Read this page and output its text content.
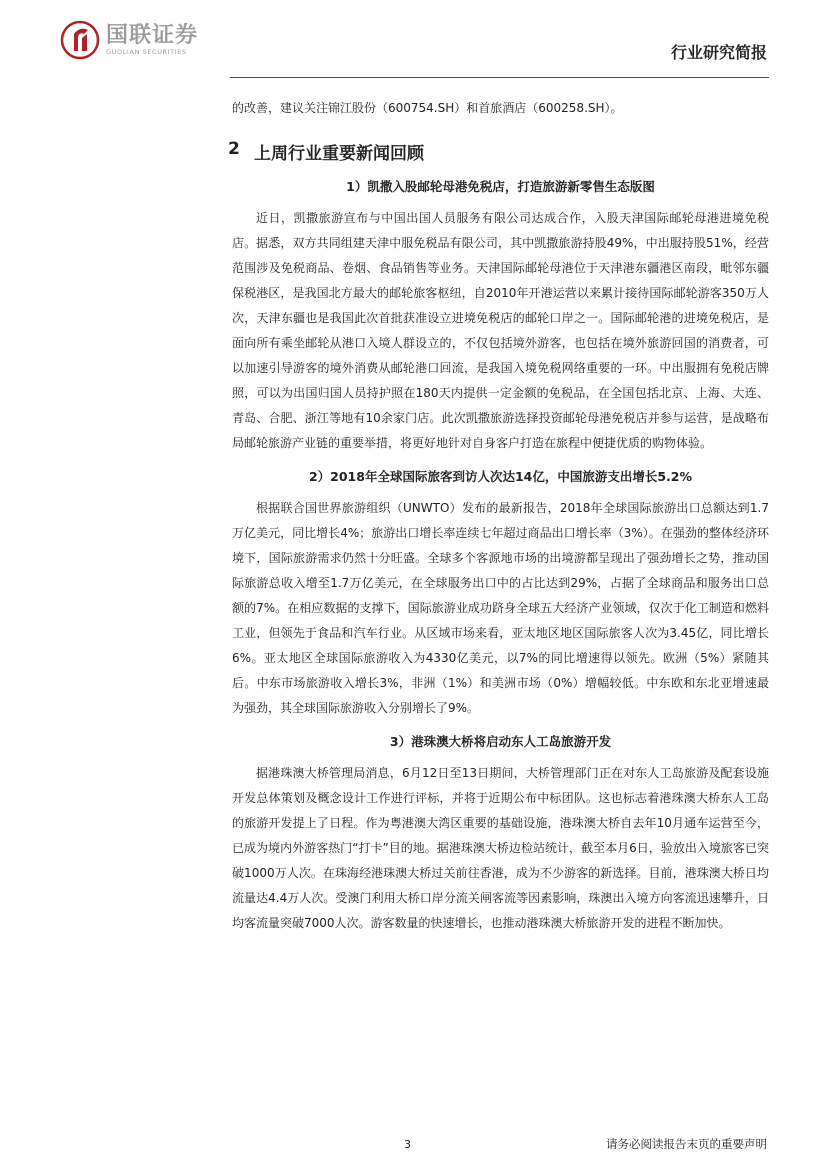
国联证券
GUOLIAN SECURITIES	行业研究简报

的改善，建议关注锦江股份（600754.SH）和首旅酒店（600258.SH）。

2 上周行业重要新闻回顾
1）凯撒入股邮轮母港免税店，打造旅游新零售生态版图

近日，凯撒旅游宣布与中国出国人员服务有限公司达成合作，入股天津国际邮轮母港进境免税店。据悉，双方共同组建天津中服免税品有限公司，其中凯撒旅游持股49%，中出服持股51%，经营范围涉及免税商品、卷烟、食品销售等业务。天津国际邮轮母港位于天津港东疆港区南段，毗邻东疆保税港区，是我国北方最大的邮轮旅客枢纽，自2010年开港运营以来累计接待国际邮轮游客350万人次，天津东疆也是我国此次首批获准设立进境免税店的邮轮口岸之一。国际邮轮港的进境免税店，是面向所有乘坐邮轮从港口入境人群设立的，不仅包括境外游客，也包括在境外旅游回国的消费者，可以加速引导游客的境外消费从邮轮港口回流，是我国入境免税网络重要的一环。中出服拥有免税店牌照，可以为出国归国人员持护照在180天内提供一定金额的免税品，在全国包括北京、上海、大连、青岛、合肥、浙江等地有10余家门店。此次凯撒旅游选择投资邮轮母港免税店并参与运营，是战略布局邮轮旅游产业链的重要举措，将更好地针对自身客户打造在旅程中便捷优质的购物体验。

2）2018年全球国际旅客到访人次达14亿，中国旅游支出增长5.2%

根据联合国世界旅游组织（UNWTO）发布的最新报告，2018年全球国际旅游出口总额达到1.7万亿美元，同比增长4%；旅游出口增长率连续七年超过商品出口增长率（3%）。在强劲的整体经济环境下，国际旅游需求仍然十分旺盛。全球多个客源地市场的出境游都呈现出了强劲增长之势，推动国际旅游总收入增至1.7万亿美元，在全球服务出口中的占比达到29%，占据了全球商品和服务出口总额的7%。在相应数据的支撑下，国际旅游业成功跻身全球五大经济产业领域，仅次于化工制造和燃料工业，但领先于食品和汽车行业。从区域市场来看，亚太地区地区国际旅客人次为3.45亿，同比增长6%。亚太地区全球国际旅游收入为4330亿美元，以7%的同比增速得以领先。欧洲（5%）紧随其后。中东市场旅游收入增长3%，非洲（1%）和美洲市场（0%）增幅较低。中东欧和东北亚增速最为强劲，其全球国际旅游收入分别增长了9%。

3）港珠澳大桥将启动东人工岛旅游开发

据港珠澳大桥管理局消息，6月12日至13日期间，大桥管理部门正在对东人工岛旅游及配套设施开发总体策划及概念设计工作进行评标，并将于近期公布中标团队。这也标志着港珠澳大桥东人工岛的旅游开发提上了日程。作为粤港澳大湾区重要的基础设施，港珠澳大桥自去年10月通车运营至今，已成为境内外游客热门“打卡”目的地。据港珠澳大桥边检站统计，截至本月6日，验放出入境旅客已突破1000万人次。在珠海经港珠澳大桥过关前往香港，成为不少游客的新选择。目前，港珠澳大桥日均流量达4.4万人次。受澳门利用大桥口岸分流关闸客流等因素影响，珠澳出入境方向客流迅速攀升，日均客流量突破7000人次。游客数量的快速增长，也推动港珠澳大桥旅游开发的进程不断加快。

3	请务必阅读报告末页的重要声明
